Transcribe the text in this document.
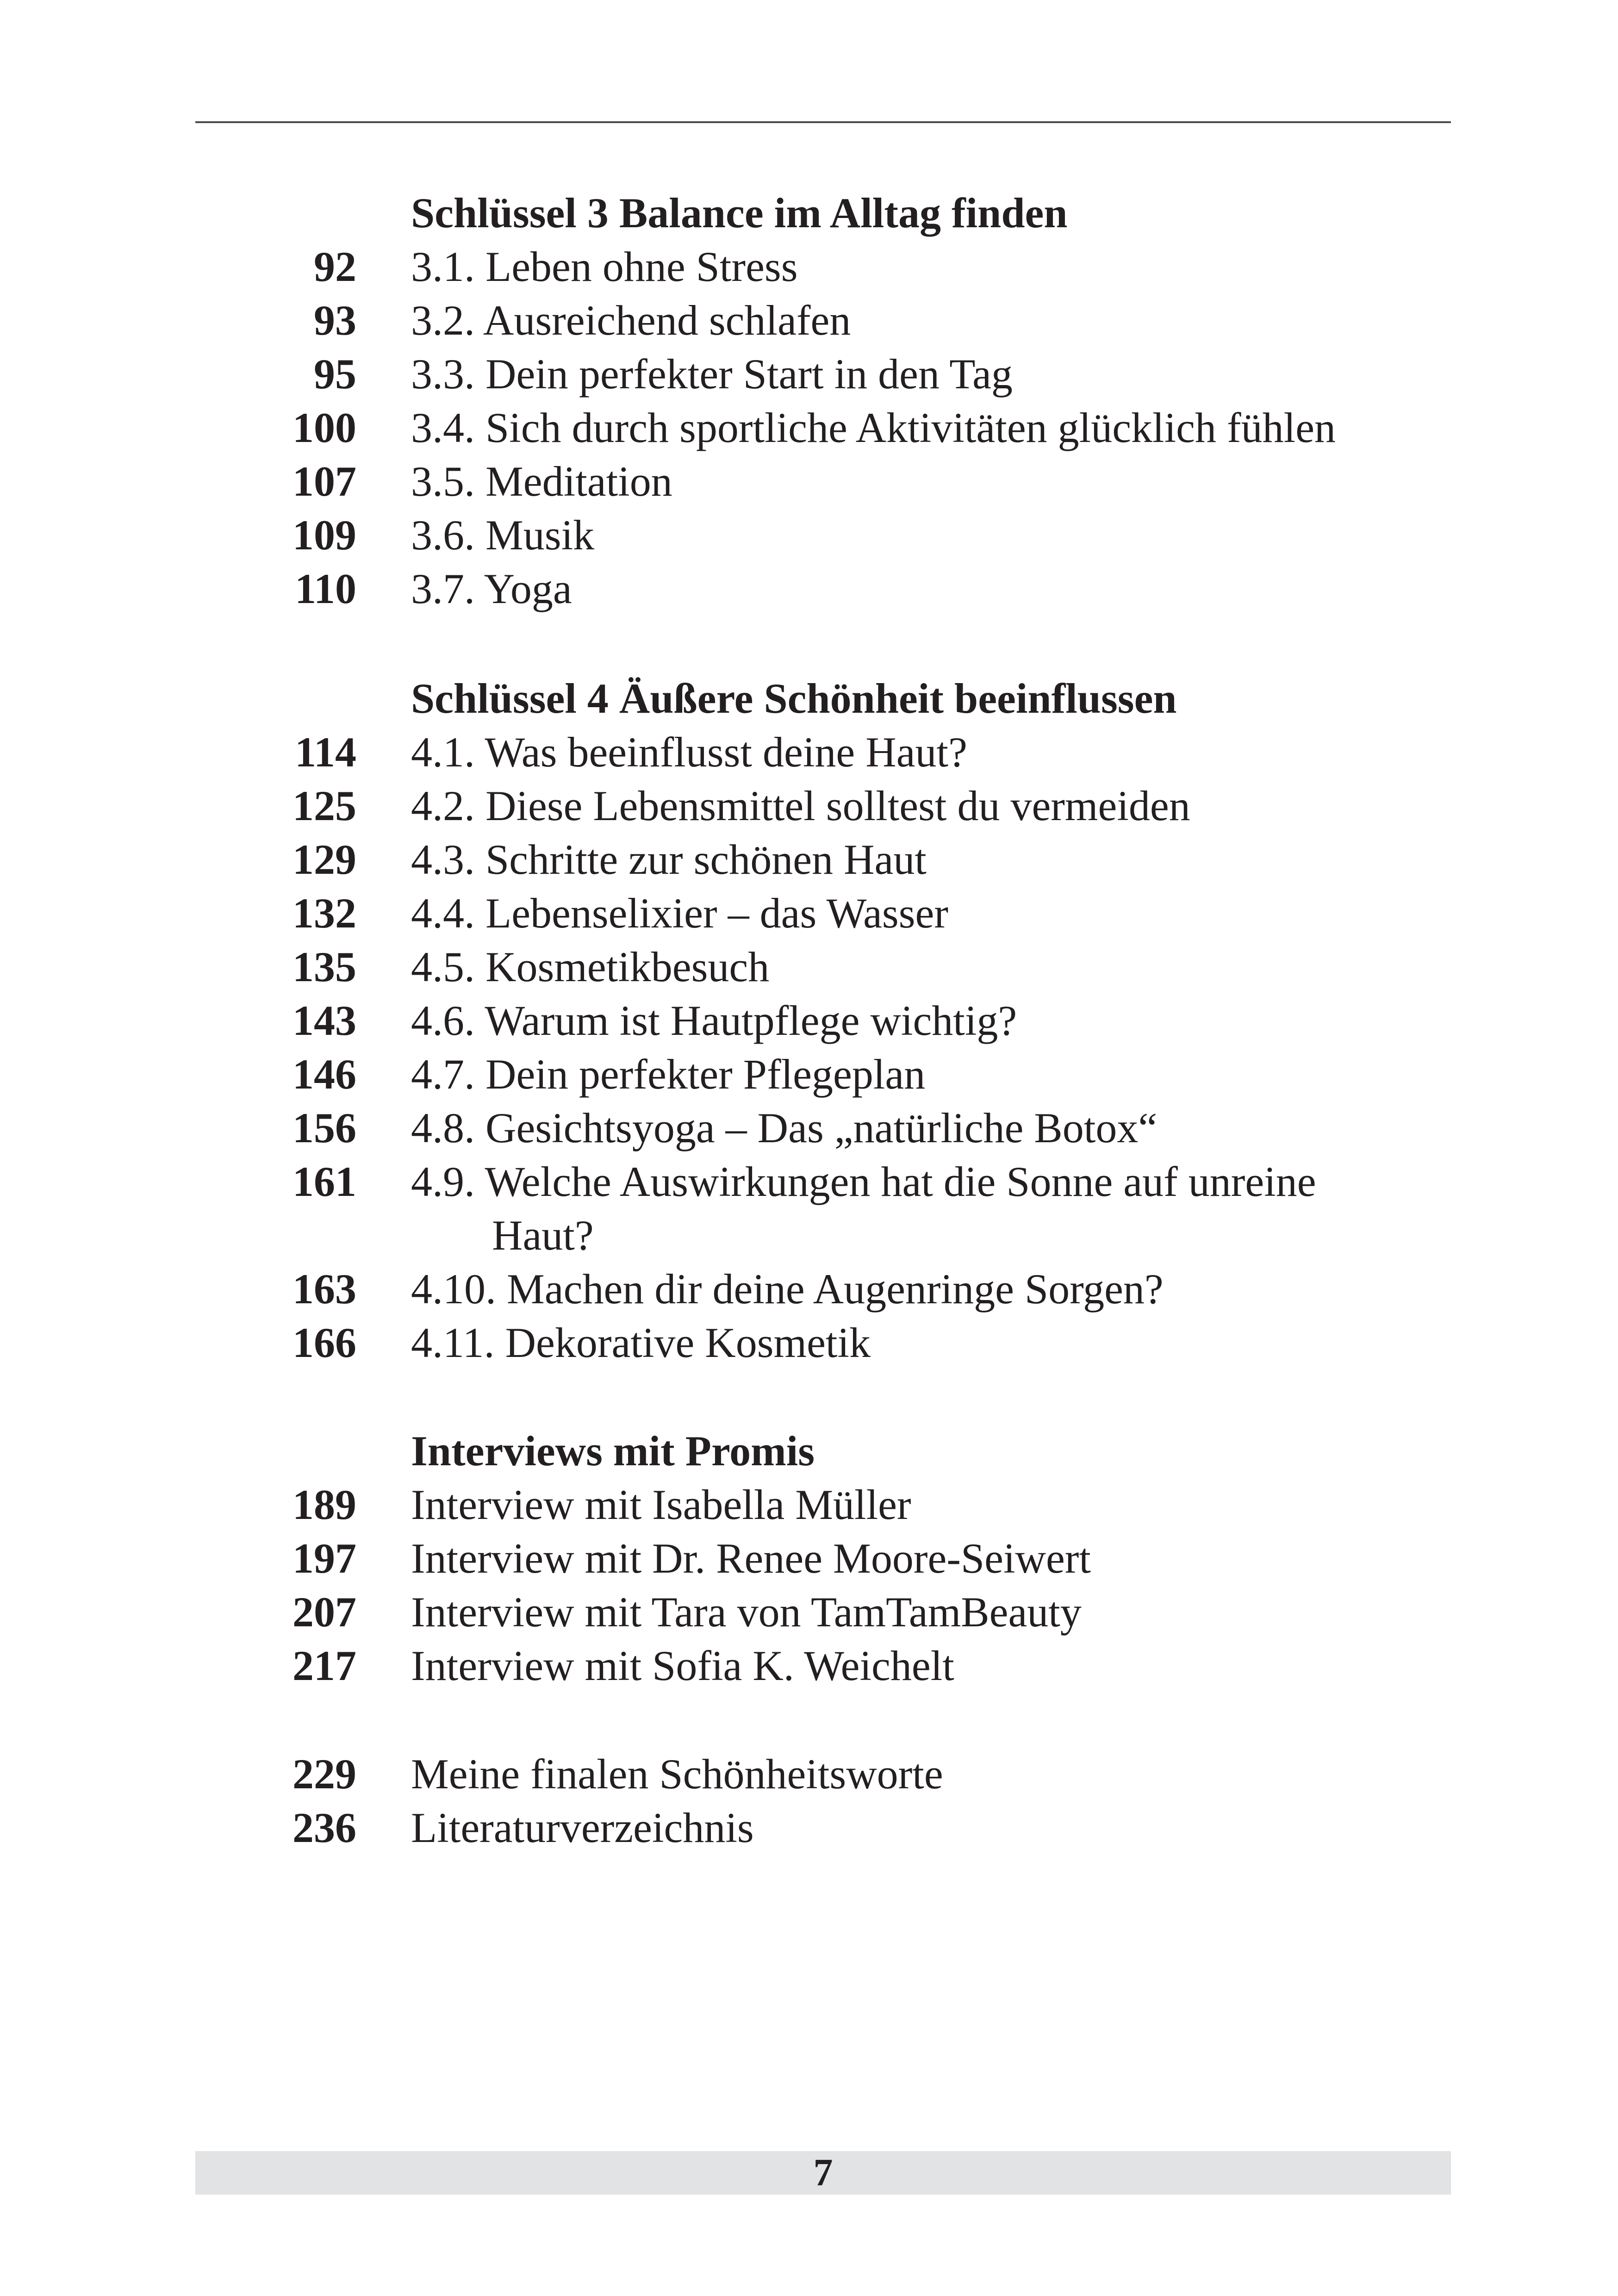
Schlüssel 3 Balance im Alltag finden
92 3.1. Leben ohne Stress
93 3.2. Ausreichend schlafen
95 3.3. Dein perfekter Start in den Tag
100 3.4. Sich durch sportliche Aktivitäten glücklich fühlen
107 3.5. Meditation
109 3.6. Musik
110 3.7. Yoga
Schlüssel 4 Äußere Schönheit beeinflussen
114 4.1. Was beeinflusst deine Haut?
125 4.2. Diese Lebensmittel solltest du vermeiden
129 4.3. Schritte zur schönen Haut
132 4.4. Lebenselixier – das Wasser
135 4.5. Kosmetikbesuch
143 4.6. Warum ist Hautpflege wichtig?
146 4.7. Dein perfekter Pflegeplan
156 4.8. Gesichtsyoga – Das „natürliche Botox“
161 4.9. Welche Auswirkungen hat die Sonne auf unreine
Haut?
163 4.10. Machen dir deine Augenringe Sorgen?
166 4.11. Dekorative Kosmetik
Interviews mit Promis
189 Interview mit Isabella Müller
197 Interview mit Dr. Renee Moore-Seiwert
207 Interview mit Tara von TamTamBeauty
217 Interview mit Sofia K. Weichelt
229 Meine finalen Schönheitsworte
236 Literaturverzeichnis
7
